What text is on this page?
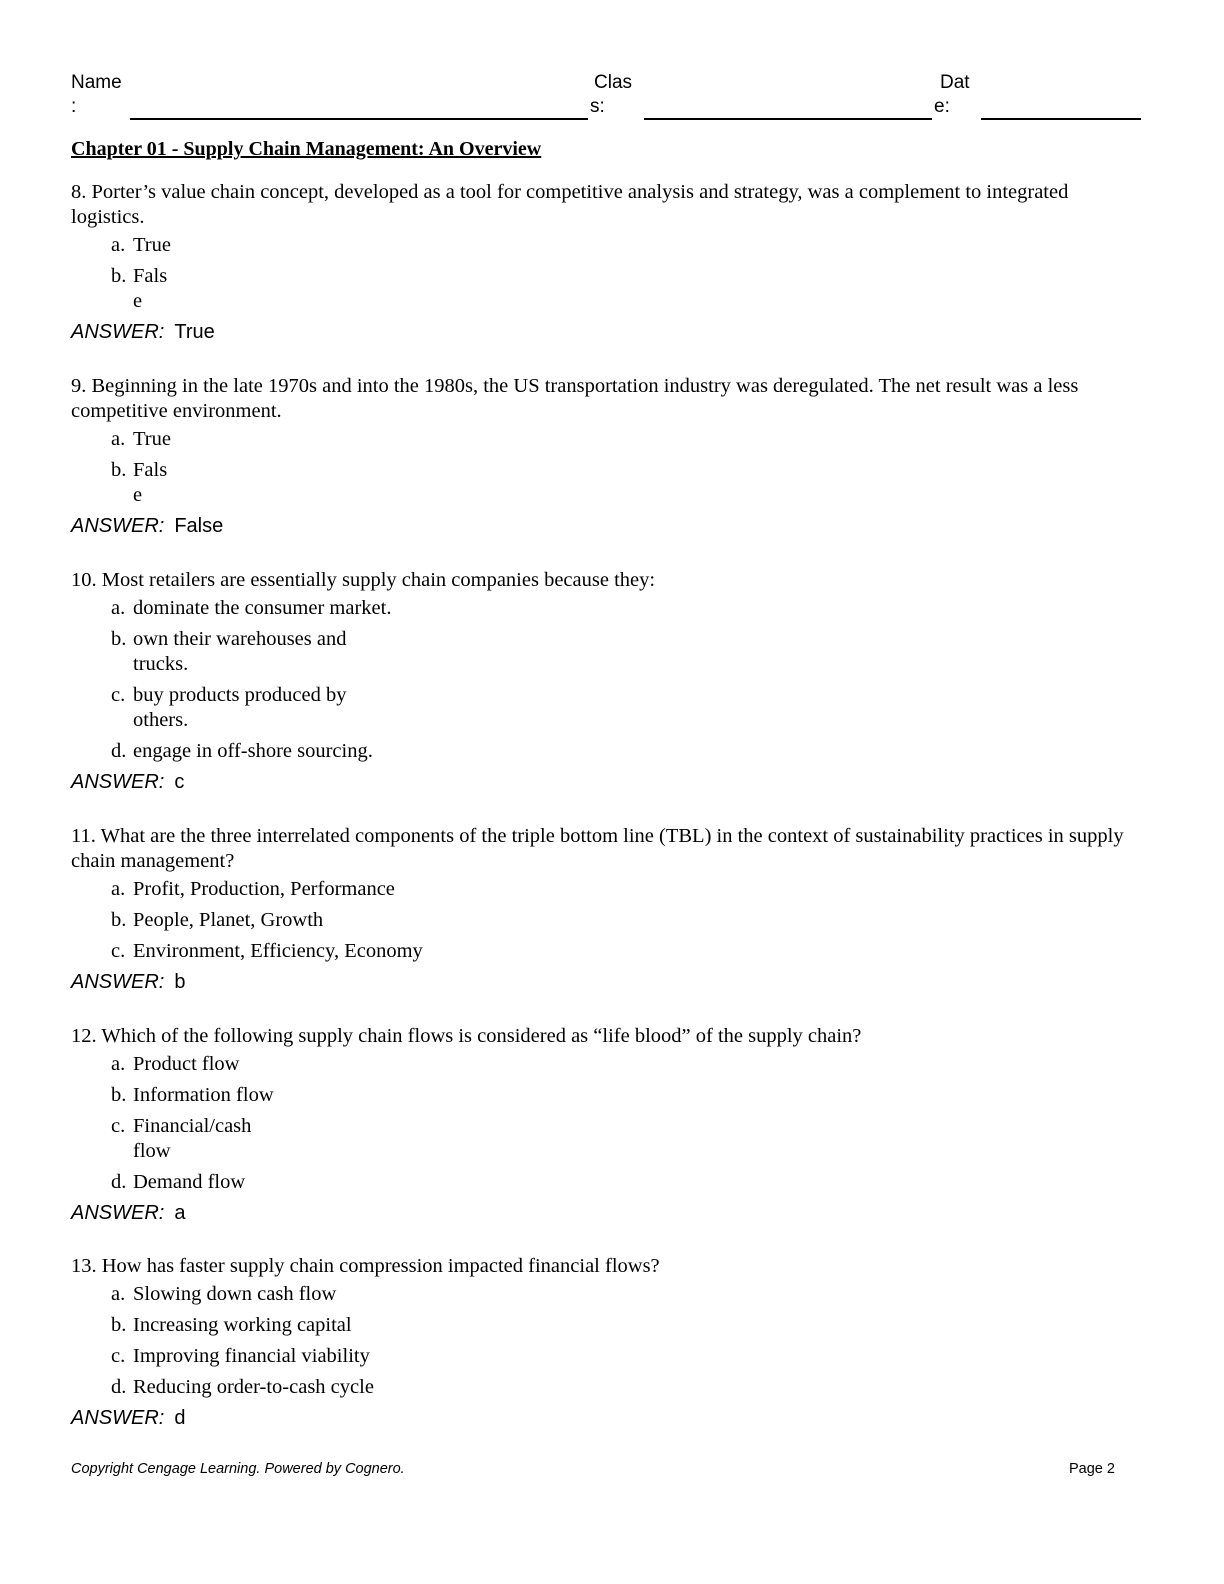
Name
:
Clas
s:
Dat
e:
Chapter 01 - Supply Chain Management: An Overview

8. Porter’s value chain concept, developed as a tool for competitive analysis and strategy, was a complement to integrated logistics.

a. True
b. Fals e
ANSWER: True

9. Beginning in the late 1970s and into the 1980s, the US transportation industry was deregulated. The net result was a less competitive environment.

a. True
b. Fals e
ANSWER: False

10. Most retailers are essentially supply chain companies because they:

a. dominate the consumer market.
b. own their warehouses and trucks.
c. buy products produced by others.
d. engage in off-shore sourcing.
ANSWER: c

11. What are the three interrelated components of the triple bottom line (TBL) in the context of sustainability practices in supply chain management?

a. Profit, Production, Performance
b. People, Planet, Growth
c. Environment, Efficiency, Economy
ANSWER: b

12. Which of the following supply chain flows is considered as “life blood” of the supply chain?

a. Product flow
b. Information flow
c. Financial/cash flow
d. Demand flow
ANSWER: a

13. How has faster supply chain compression impacted financial flows?

a. Slowing down cash flow
b. Increasing working capital
c. Improving financial viability
d. Reducing order-to-cash cycle
ANSWER: d
Copyright Cengage Learning. Powered by Cognero.	Page 2
